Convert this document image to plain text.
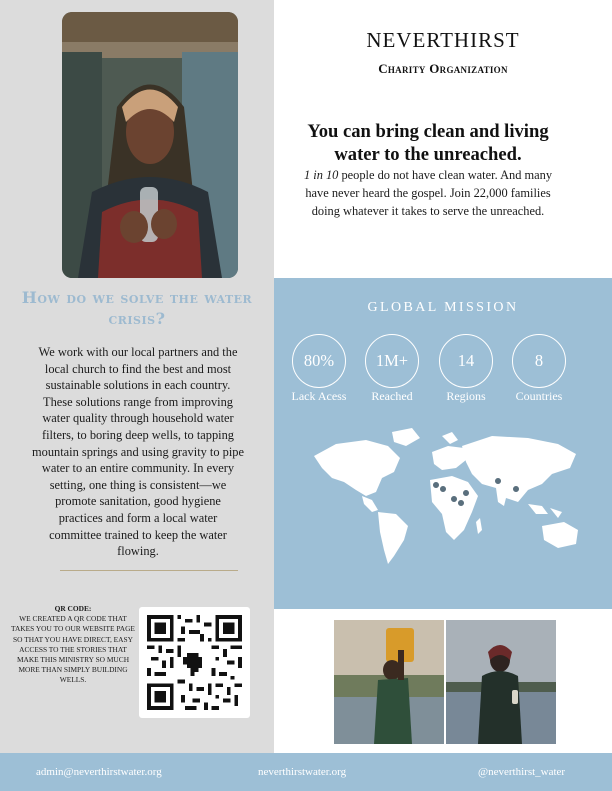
How do we solve the water crisis?

We work with our local partners and the local church to find the best and most sustainable solutions in each country. These solutions range from improving water quality through household water filters, to boring deep wells, to tapping mountain springs and using gravity to pipe water to an entire community. In every setting, one thing is consistent—we promote sanitation, good hygiene practices and form a local water committee trained to keep the water flowing.

QR CODE:
WE CREATED A QR CODE THAT TAKES YOU TO OUR WEBSITE PAGE SO THAT YOU HAVE DIRECT, EASY ACCESS TO THE STORIES THAT MAKE THIS MINISTRY SO MUCH MORE THAN SIMPLY BUILDING WELLS.
NEVERTHIRST
Charity Organization
You can bring clean and living water to the unreached.

1 in 10 people do not have clean water. And many have never heard the gospel. Join 22,000 families doing whatever it takes to serve the unreached.

GLOBAL MISSION
80%
Lack Acess
1M+
Reached
14
Regions
8
Countries
admin@neverthirstwater.org	neverthirstwater.org	@neverthirst_water
